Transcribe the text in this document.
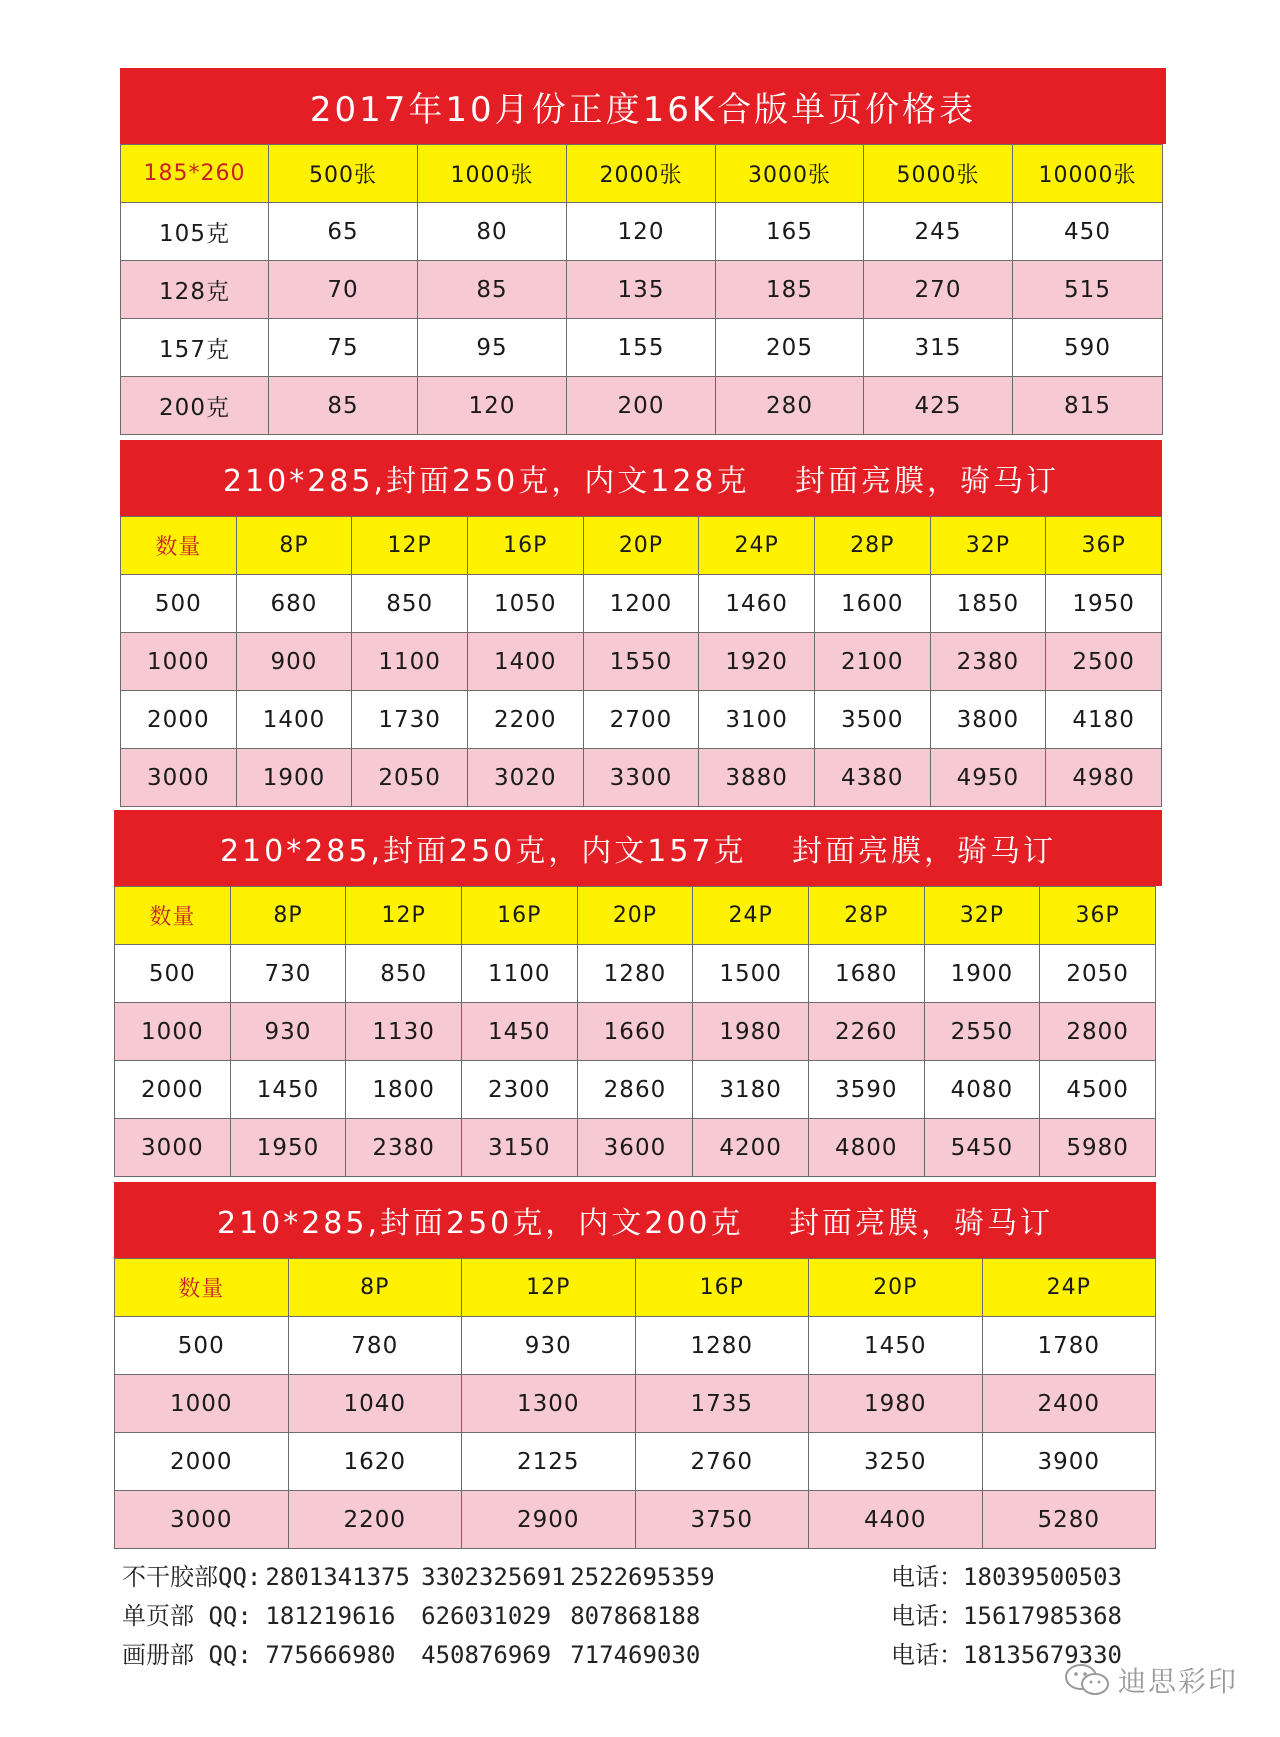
2017年10月份正度16K合版单页价格表
185*260	500张	1000张	2000张	3000张	5000张	10000张
105克	65	80	120	165	245	450
128克	70	85	135	185	270	515
157克	75	95	155	205	315	590
200克	85	120	200	280	425	815
210*285,封面250克，内文128克　 封面亮膜，骑马订
数量	8P	12P	16P	20P	24P	28P	32P	36P
500	680	850	1050	1200	1460	1600	1850	1950
1000	900	1100	1400	1550	1920	2100	2380	2500
2000	1400	1730	2200	2700	3100	3500	3800	4180
3000	1900	2050	3020	3300	3880	4380	4950	4980
210*285,封面250克，内文157克　 封面亮膜，骑马订
数量	8P	12P	16P	20P	24P	28P	32P	36P
500	730	850	1100	1280	1500	1680	1900	2050
1000	930	1130	1450	1660	1980	2260	2550	2800
2000	1450	1800	2300	2860	3180	3590	4080	4500
3000	1950	2380	3150	3600	4200	4800	5450	5980
210*285,封面250克，内文200克　 封面亮膜，骑马订
数量	8P	12P	16P	20P	24P
500	780	930	1280	1450	1780
1000	1040	1300	1735	1980	2400
2000	1620	2125	2760	3250	3900
3000	2200	2900	3750	4400	5280
不干胶部QQ: 2801341375 3302325691 2522695359	电话：18039500503
单页部 QQ: 181219616	626031029 807868188	电话：15617985368
画册部 QQ: 775666980	450876969 717469030	电话：18135679330
迪思彩印
